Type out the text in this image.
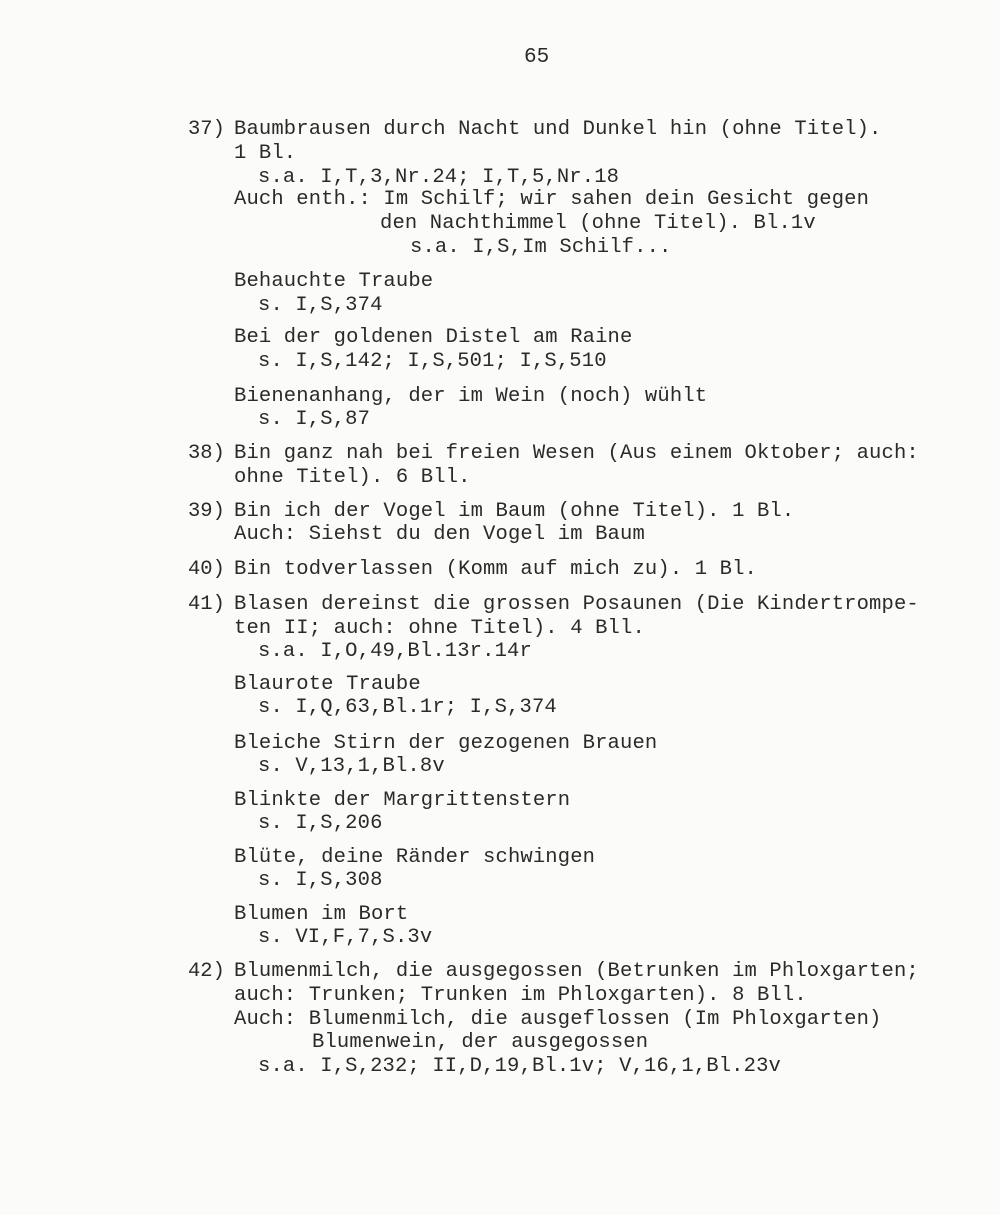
65
37) Baumbrausen durch Nacht und Dunkel hin (ohne Titel).
1 Bl.
s.a. I,T,3,Nr.24; I,T,5,Nr.18
Auch enth.: Im Schilf; wir sahen dein Gesicht gegen
den Nachthimmel (ohne Titel). Bl.1v
s.a. I,S,Im Schilf...
Behauchte Traube
s. I,S,374
Bei der goldenen Distel am Raine
s. I,S,142; I,S,501; I,S,510
Bienenanhang, der im Wein (noch) wühlt
s. I,S,87
38) Bin ganz nah bei freien Wesen (Aus einem Oktober; auch:
ohne Titel). 6 Bll.
39) Bin ich der Vogel im Baum (ohne Titel). 1 Bl.
Auch: Siehst du den Vogel im Baum
40) Bin todverlassen (Komm auf mich zu). 1 Bl.
41) Blasen dereinst die grossen Posaunen (Die Kindertrompe-
ten II; auch: ohne Titel). 4 Bll.
s.a. I,O,49,Bl.13r.14r
Blaurote Traube
s. I,Q,63,Bl.1r; I,S,374
Bleiche Stirn der gezogenen Brauen
s. V,13,1,Bl.8v
Blinkte der Margrittenstern
s. I,S,206
Blüte, deine Ränder schwingen
s. I,S,308
Blumen im Bort
s. VI,F,7,S.3v
42) Blumenmilch, die ausgegossen (Betrunken im Phloxgarten;
auch: Trunken; Trunken im Phloxgarten). 8 Bll.
Auch: Blumenmilch, die ausgeflossen (Im Phloxgarten)
Blumenwein, der ausgegossen
s.a. I,S,232; II,D,19,Bl.1v; V,16,1,Bl.23v
